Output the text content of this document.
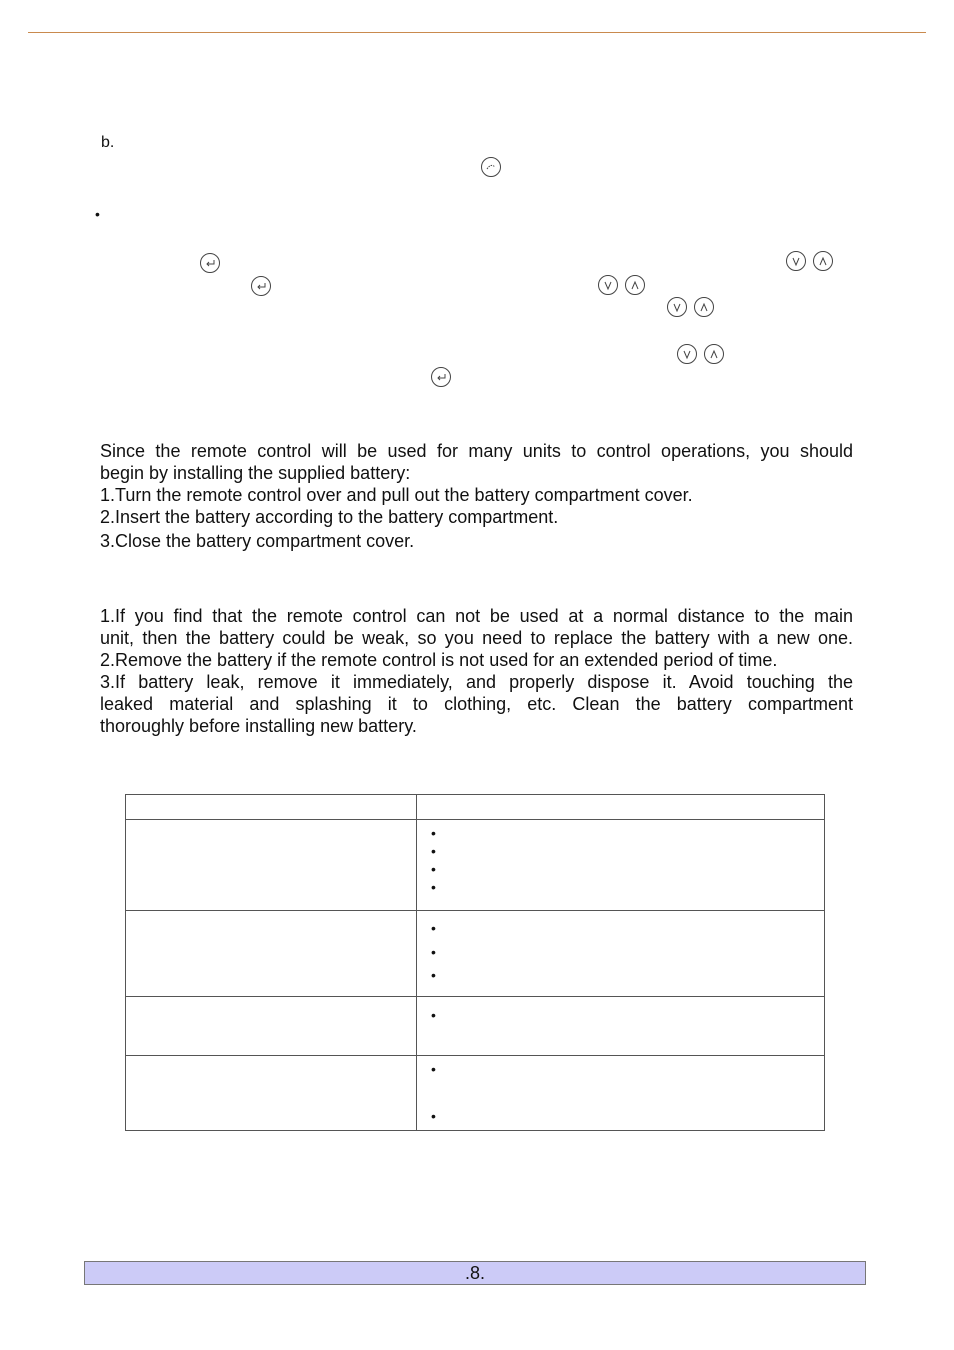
b.
•
Since the remote control will be used for many units to control operations, you should
begin by installing the supplied battery:
1.Turn the remote control over and pull out the battery compartment cover.
2.Insert the battery according to the battery compartment.
3.Close the battery compartment cover.
1.If you find that the remote control can not be used at a normal distance to the main
unit, then the battery could be weak, so you need to replace the battery with a new one.
2.Remove the battery if the remote control is not used for an extended period of time.
3.If battery leak, remove it immediately, and properly dispose it. Avoid touching the
leaked material and splashing it to clothing, etc. Clean the battery compartment
thoroughly before installing new battery.

	•
•
•
•

	•
•
•

	•

	•
•
.8.
